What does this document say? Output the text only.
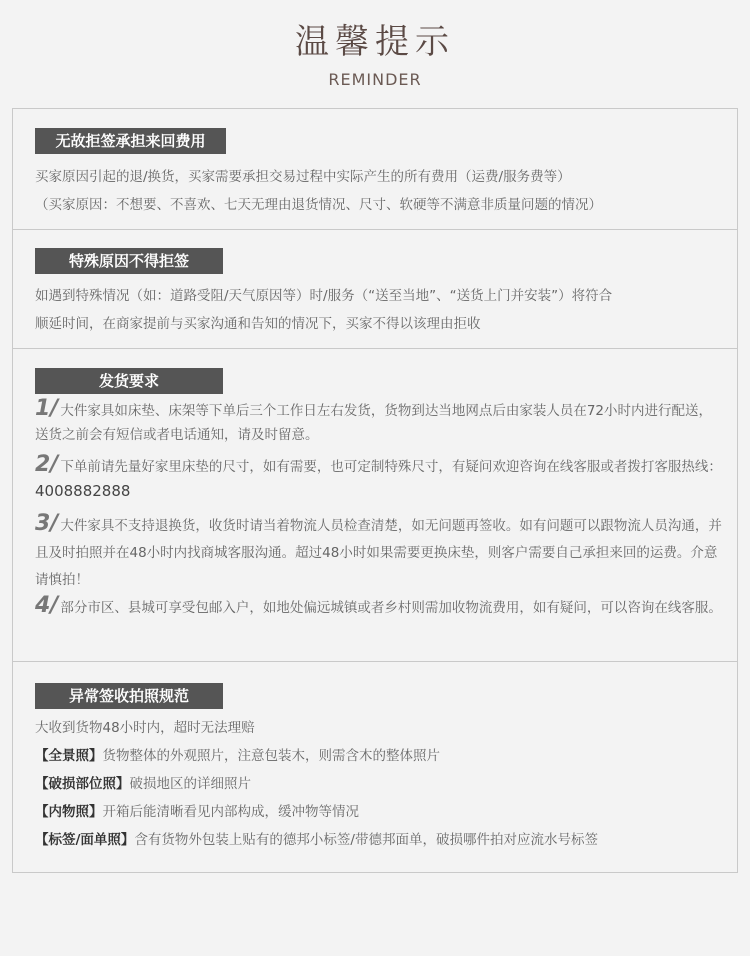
温馨提示
REMINDER
无故拒签承担来回费用
买家原因引起的退/换货，买家需要承担交易过程中实际产生的所有费用（运费/服务费等）
（买家原因：不想要、不喜欢、七天无理由退货情况、尺寸、软硬等不满意非质量问题的情况）
特殊原因不得拒签
如遇到特殊情况（如：道路受阻/天气原因等）时/服务（“送至当地”、“送货上门并安装”）将符合
顺延时间，在商家提前与买家沟通和告知的情况下，买家不得以该理由拒收
发货要求
1/ 大件家具如床垫、床架等下单后三个工作日左右发货，货物到达当地网点后由家装人员在72小时内进行配送，送货之前会有短信或者电话通知，请及时留意。
2/ 下单前请先量好家里床垫的尺寸，如有需要，也可定制特殊尺寸，有疑问欢迎咨询在线客服或者拨打客服热线：4008882888
3/ 大件家具不支持退换货，收货时请当着物流人员检查清楚，如无问题再签收。如有问题可以跟物流人员沟通，并且及时拍照并在48小时内找商城客服沟通。超过48小时如果需要更换床垫，则客户需要自己承担来回的运费。介意请慎拍！
4/ 部分市区、县城可享受包邮入户，如地处偏远城镇或者乡村则需加收物流费用，如有疑问，可以咨询在线客服。
异常签收拍照规范
大收到货物48小时内，超时无法理赔
【全景照】货物整体的外观照片，注意包装木，则需含木的整体照片
【破损部位照】破损地区的详细照片
【内物照】开箱后能清晰看见内部构成，缓冲物等情况
【标签/面单照】含有货物外包装上贴有的德邦小标签/带德邦面单，破损哪件拍对应流水号标签
